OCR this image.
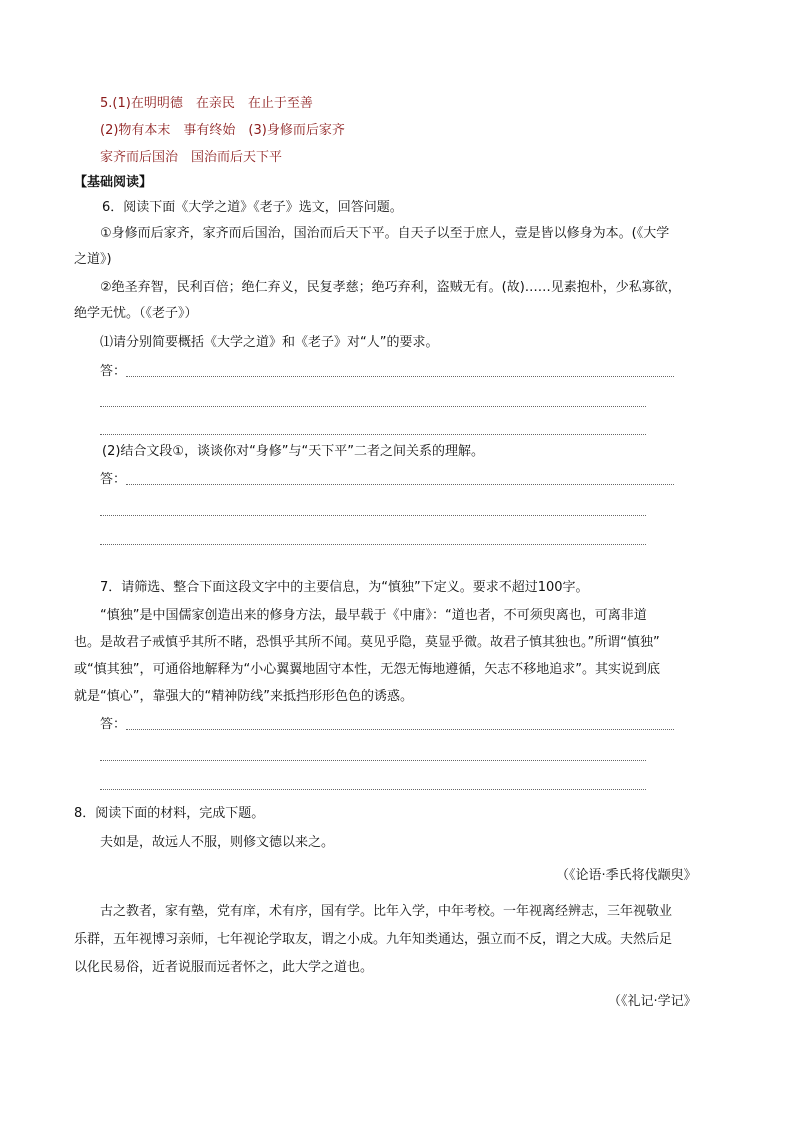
5.(1)在明明德　在亲民　在止于至善
(2)物有本末　事有终始　(3)身修而后家齐
家齐而后国治　国治而后天下平
【基础阅读】
6．阅读下面《大学之道》《老子》选文，回答问题。
①身修而后家齐，家齐而后国治，国治而后天下平。自天子以至于庶人，壹是皆以修身为本。(《大学
之道》)
②绝圣弃智，民利百倍；绝仁弃义，民复孝慈；绝巧弃利，盗贼无有。(故)……见素抱朴，少私寡欲，
绝学无忧。（《老子》）
⑴请分别简要概括《大学之道》和《老子》对“人”的要求。
答：
(2)结合文段①，谈谈你对“身修”与“天下平”二者之间关系的理解。
答：
7．请筛选、整合下面这段文字中的主要信息，为“慎独”下定义。要求不超过100字。
“慎独”是中国儒家创造出来的修身方法，最早载于《中庸》：“道也者，不可须臾离也，可离非道
也。是故君子戒慎乎其所不睹，恐惧乎其所不闻。莫见乎隐，莫显乎微。故君子慎其独也。”所谓“慎独”
或“慎其独”，可通俗地解释为“小心翼翼地固守本性，无怨无悔地遵循，矢志不移地追求”。其实说到底
就是“慎心”，靠强大的“精神防线”来抵挡形形色色的诱惑。
答：
8．阅读下面的材料，完成下题。
夫如是，故远人不服，则修文德以来之。
（《论语·季氏将伐颛臾》
古之教者，家有塾，党有庠，术有序，国有学。比年入学，中年考校。一年视离经辨志，三年视敬业
乐群，五年视博习亲师，七年视论学取友，谓之小成。九年知类通达，强立而不反，谓之大成。夫然后足
以化民易俗，近者说服而远者怀之，此大学之道也。
（《礼记·学记》
